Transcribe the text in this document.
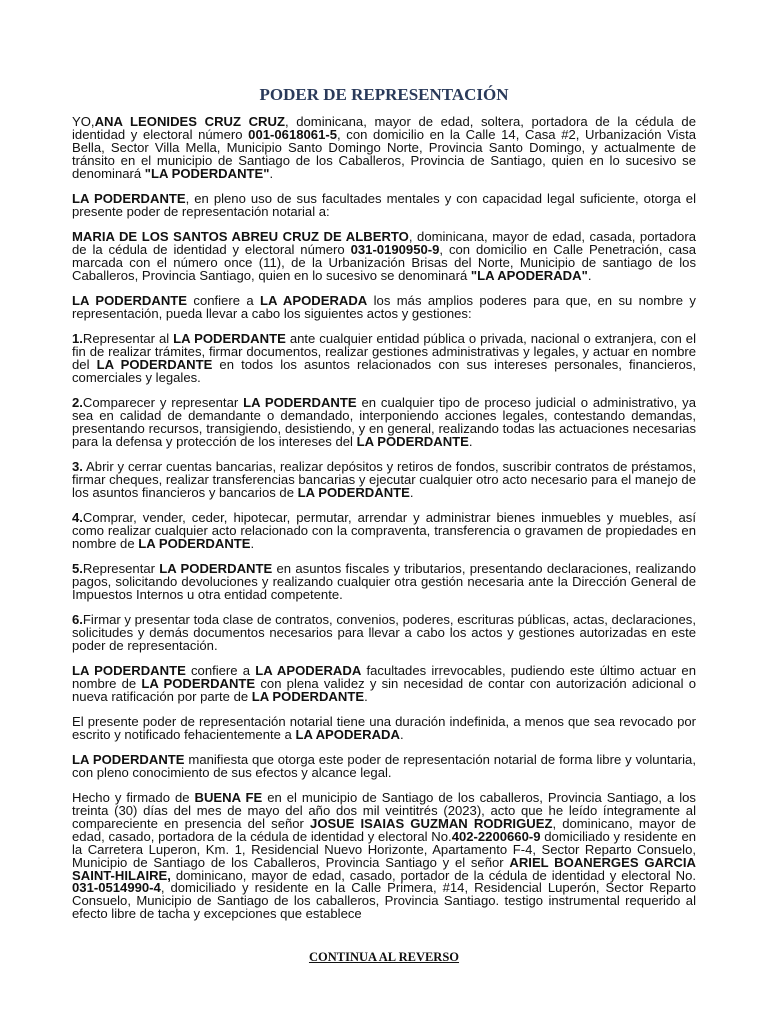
PODER DE REPRESENTACIÓN

YO,ANA LEONIDES CRUZ CRUZ, dominicana, mayor de edad, soltera, portadora de la cédula de identidad y electoral número 001-0618061-5, con domicilio en la Calle 14, Casa #2, Urbanización Vista Bella, Sector Villa Mella, Municipio Santo Domingo Norte, Provincia Santo Domingo, y actualmente de tránsito en el municipio de Santiago de los Caballeros, Provincia de Santiago, quien en lo sucesivo se denominará "LA PODERDANTE".

LA PODERDANTE, en pleno uso de sus facultades mentales y con capacidad legal suficiente, otorga el presente poder de representación notarial a:

MARIA DE LOS SANTOS ABREU CRUZ DE ALBERTO, dominicana, mayor de edad, casada, portadora de la cédula de identidad y electoral número 031-0190950-9, con domicilio en Calle Penetración, casa marcada con el número once (11), de la Urbanización Brisas del Norte, Municipio de santiago de los Caballeros, Provincia Santiago, quien en lo sucesivo se denominará "LA APODERADA".

LA PODERDANTE confiere a LA APODERADA los más amplios poderes para que, en su nombre y representación, pueda llevar a cabo los siguientes actos y gestiones:

1.Representar al LA PODERDANTE ante cualquier entidad pública o privada, nacional o extranjera, con el fin de realizar trámites, firmar documentos, realizar gestiones administrativas y legales, y actuar en nombre del LA PODERDANTE en todos los asuntos relacionados con sus intereses personales, financieros, comerciales y legales.

2.Comparecer y representar LA PODERDANTE en cualquier tipo de proceso judicial o administrativo, ya sea en calidad de demandante o demandado, interponiendo acciones legales, contestando demandas, presentando recursos, transigiendo, desistiendo, y en general, realizando todas las actuaciones necesarias para la defensa y protección de los intereses del LA PODERDANTE.

3. Abrir y cerrar cuentas bancarias, realizar depósitos y retiros de fondos, suscribir contratos de préstamos, firmar cheques, realizar transferencias bancarias y ejecutar cualquier otro acto necesario para el manejo de los asuntos financieros y bancarios de LA PODERDANTE.

4.Comprar, vender, ceder, hipotecar, permutar, arrendar y administrar bienes inmuebles y muebles, así como realizar cualquier acto relacionado con la compraventa, transferencia o gravamen de propiedades en nombre de LA PODERDANTE.

5.Representar LA PODERDANTE en asuntos fiscales y tributarios, presentando declaraciones, realizando pagos, solicitando devoluciones y realizando cualquier otra gestión necesaria ante la Dirección General de Impuestos Internos u otra entidad competente.

6.Firmar y presentar toda clase de contratos, convenios, poderes, escrituras públicas, actas, declaraciones, solicitudes y demás documentos necesarios para llevar a cabo los actos y gestiones autorizadas en este poder de representación.

LA PODERDANTE confiere a LA APODERADA facultades irrevocables, pudiendo este último actuar en nombre de LA PODERDANTE con plena validez y sin necesidad de contar con autorización adicional o nueva ratificación por parte de LA PODERDANTE.

El presente poder de representación notarial tiene una duración indefinida, a menos que sea revocado por escrito y notificado fehacientemente a LA APODERADA.

LA PODERDANTE manifiesta que otorga este poder de representación notarial de forma libre y voluntaria, con pleno conocimiento de sus efectos y alcance legal.

Hecho y firmado de BUENA FE en el municipio de Santiago de los caballeros, Provincia Santiago, a los treinta (30) días del mes de mayo del año dos mil veintitrés (2023), acto que he leído íntegramente al compareciente en presencia del señor JOSUE ISAIAS GUZMAN RODRIGUEZ, dominicano, mayor de edad, casado, portadora de la cédula de identidad y electoral No.402-2200660-9 domiciliado y residente en la Carretera Luperon, Km. 1, Residencial Nuevo Horizonte, Apartamento F-4, Sector Reparto Consuelo, Municipio de Santiago de los Caballeros, Provincia Santiago y el señor ARIEL BOANERGES GARCIA SAINT-HILAIRE, dominicano, mayor de edad, casado, portador de la cédula de identidad y electoral No. 031-0514990-4, domiciliado y residente en la Calle Primera, #14, Residencial Luperón, Sector Reparto Consuelo, Municipio de Santiago de los caballeros, Provincia Santiago. testigo instrumental requerido al efecto libre de tacha y excepciones que establece

CONTINUA AL REVERSO
